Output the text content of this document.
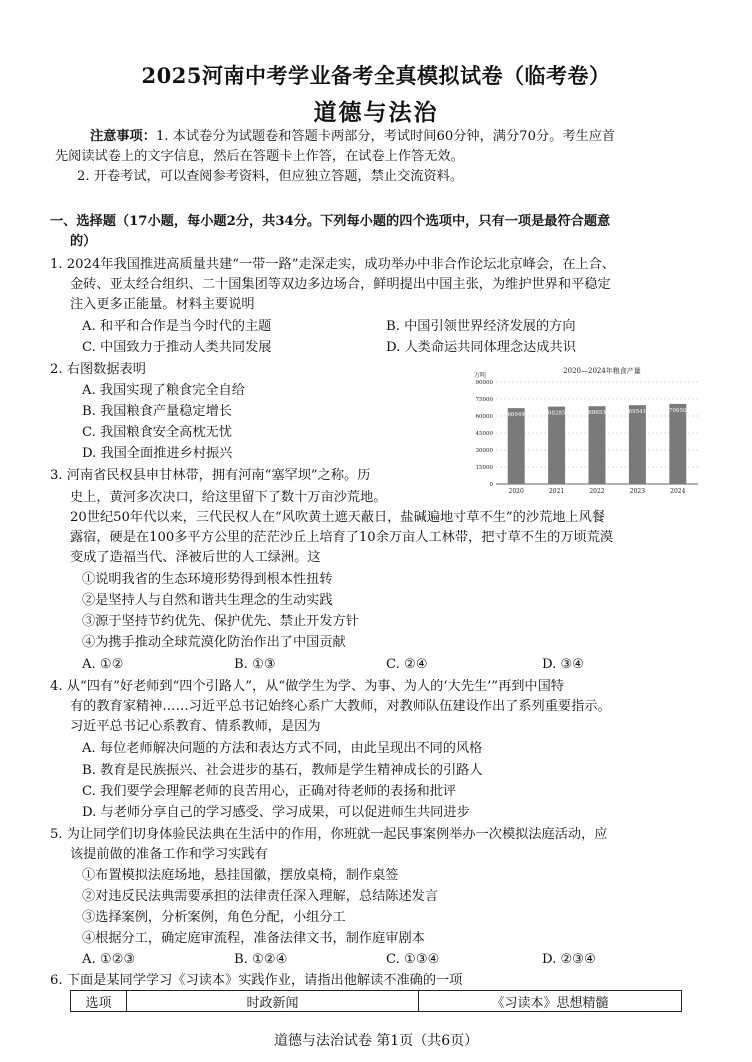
2025河南中考学业备考全真模拟试卷（临考卷）
道德与法治
注意事项：1. 本试卷分为试题卷和答题卡两部分，考试时间60分钟，满分70分。考生应首
先阅读试卷上的文字信息，然后在答题卡上作答，在试卷上作答无效。
2. 开卷考试，可以查阅参考资料，但应独立答题，禁止交流资料。
一、选择题（17小题，每小题2分，共34分。下列每小题的四个选项中，只有一项是最符合题意
的）
1. 2024年我国推进高质量共建“一带一路”走深走实，成功举办中非合作论坛北京峰会，在上合、
金砖、亚太经合组织、二十国集团等双边多边场合，鲜明提出中国主张，为维护世界和平稳定
注入更多正能量。材料主要说明
A. 和平和合作是当今时代的主题	B. 中国引领世界经济发展的方向
C. 中国致力于推动人类共同发展	D. 人类命运共同体理念达成共识
2. 右图数据表明
A. 我国实现了粮食完全自给
B. 我国粮食产量稳定增长
C. 我国粮食安全高枕无忧
D. 我国全面推进乡村振兴
2020—2024年粮食产量
万吨
0
15000
30000
45000
60000
75000
90000
66949
2020
68285
2021
68653
2022
69541
2023
70650
2024
3. 河南省民权县申甘林带，拥有河南“塞罕坝”之称。历
史上，黄河多次决口，给这里留下了数十万亩沙荒地。
20世纪50年代以来，三代民权人在“风吹黄土遮天蔽日，盐碱遍地寸草不生”的沙荒地上风餐
露宿，硬是在100多平方公里的茫茫沙丘上培育了10余万亩人工林带，把寸草不生的万顷荒漠
变成了造福当代、泽被后世的人工绿洲。这
①说明我省的生态环境形势得到根本性扭转
②是坚持人与自然和谐共生理念的生动实践
③源于坚持节约优先、保护优先、禁止开发方针
④为携手推动全球荒漠化防治作出了中国贡献
A. ①②	B. ①③	C. ②④	D. ③④
4. 从“四有”好老师到“四个引路人”，从“做学生为学、为事、为人的‘大先生’”再到中国特
有的教育家精神……习近平总书记始终心系广大教师，对教师队伍建设作出了系列重要指示。
习近平总书记心系教育、情系教师，是因为
A. 每位老师解决问题的方法和表达方式不同，由此呈现出不同的风格
B. 教育是民族振兴、社会进步的基石，教师是学生精神成长的引路人
C. 我们要学会理解老师的良苦用心，正确对待老师的表扬和批评
D. 与老师分享自己的学习感受、学习成果，可以促进师生共同进步
5. 为让同学们切身体验民法典在生活中的作用，你班就一起民事案例举办一次模拟法庭活动，应
该提前做的准备工作和学习实践有
①布置模拟法庭场地，悬挂国徽，摆放桌椅，制作桌签
②对违反民法典需要承担的法律责任深入理解，总结陈述发言
③选择案例，分析案例，角色分配，小组分工
④根据分工，确定庭审流程，准备法律文书，制作庭审剧本
A. ①②③	B. ①②④	C. ①③④	D. ②③④
6. 下面是某同学学习《习读本》实践作业，请指出他解读不准确的一项
选项	时政新闻	《习读本》思想精髓
道德与法治试卷 第1页（共6页）
